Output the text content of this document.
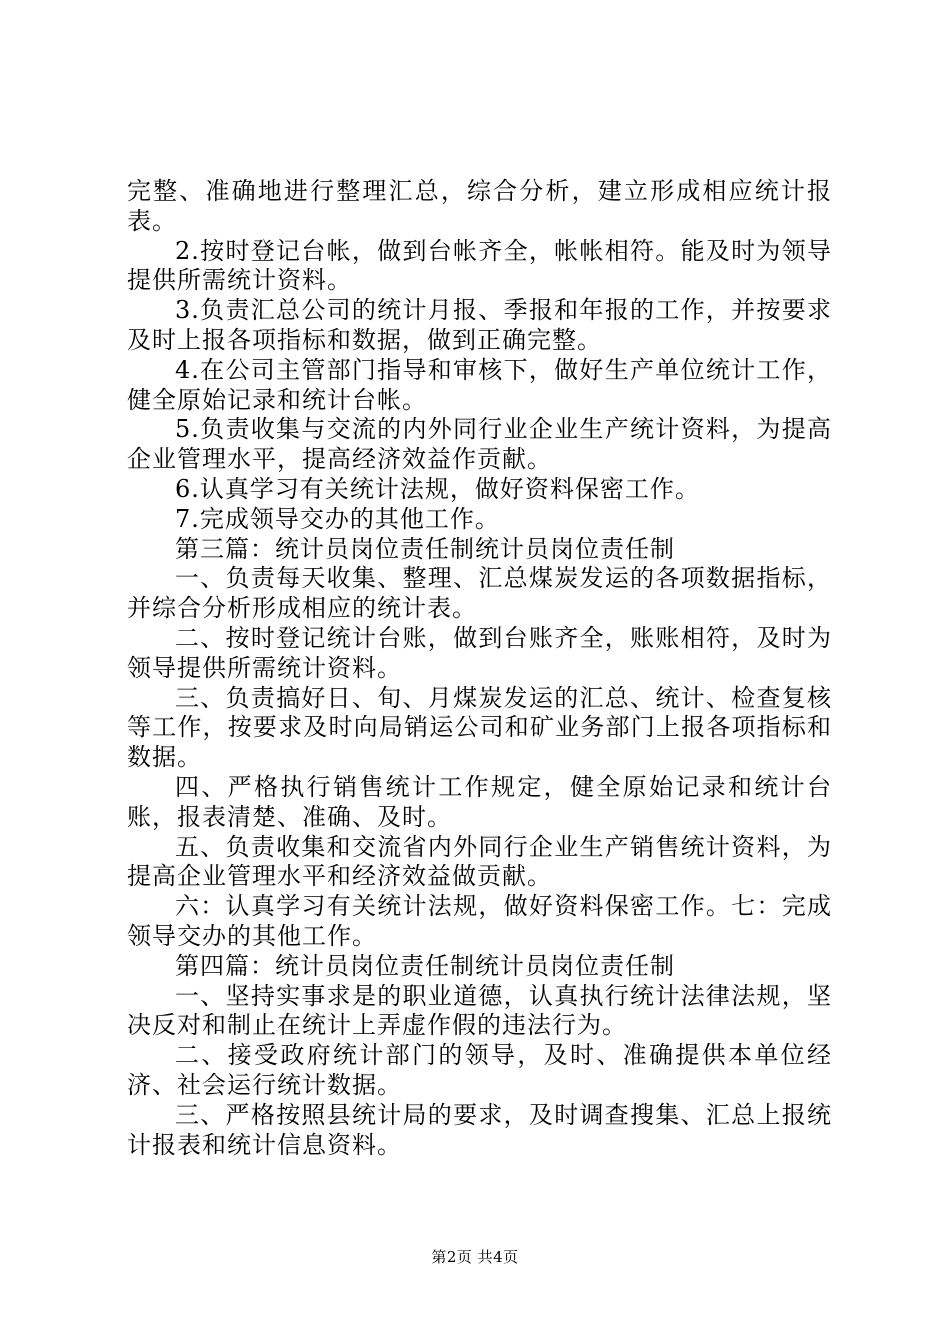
完整、准确地进行整理汇总，综合分析，建立形成相应统计报表。

2.按时登记台帐，做到台帐齐全，帐帐相符。能及时为领导提供所需统计资料。

3.负责汇总公司的统计月报、季报和年报的工作，并按要求及时上报各项指标和数据，做到正确完整。

4.在公司主管部门指导和审核下，做好生产单位统计工作，健全原始记录和统计台帐。

5.负责收集与交流的内外同行业企业生产统计资料，为提高企业管理水平，提高经济效益作贡献。

6.认真学习有关统计法规，做好资料保密工作。

7.完成领导交办的其他工作。

第三篇：统计员岗位责任制统计员岗位责任制

一、负责每天收集、整理、汇总煤炭发运的各项数据指标，并综合分析形成相应的统计表。

二、按时登记统计台账，做到台账齐全，账账相符，及时为领导提供所需统计资料。

三、负责搞好日、旬、月煤炭发运的汇总、统计、检查复核等工作，按要求及时向局销运公司和矿业务部门上报各项指标和数据。

四、严格执行销售统计工作规定，健全原始记录和统计台账，报表清楚、准确、及时。

五、负责收集和交流省内外同行企业生产销售统计资料，为提高企业管理水平和经济效益做贡献。

六：认真学习有关统计法规，做好资料保密工作。七：完成领导交办的其他工作。

第四篇：统计员岗位责任制统计员岗位责任制

一、坚持实事求是的职业道德，认真执行统计法律法规，坚决反对和制止在统计上弄虚作假的违法行为。

二、接受政府统计部门的领导，及时、准确提供本单位经济、社会运行统计数据。

三、严格按照县统计局的要求，及时调查搜集、汇总上报统计报表和统计信息资料。

第2页 共4页
